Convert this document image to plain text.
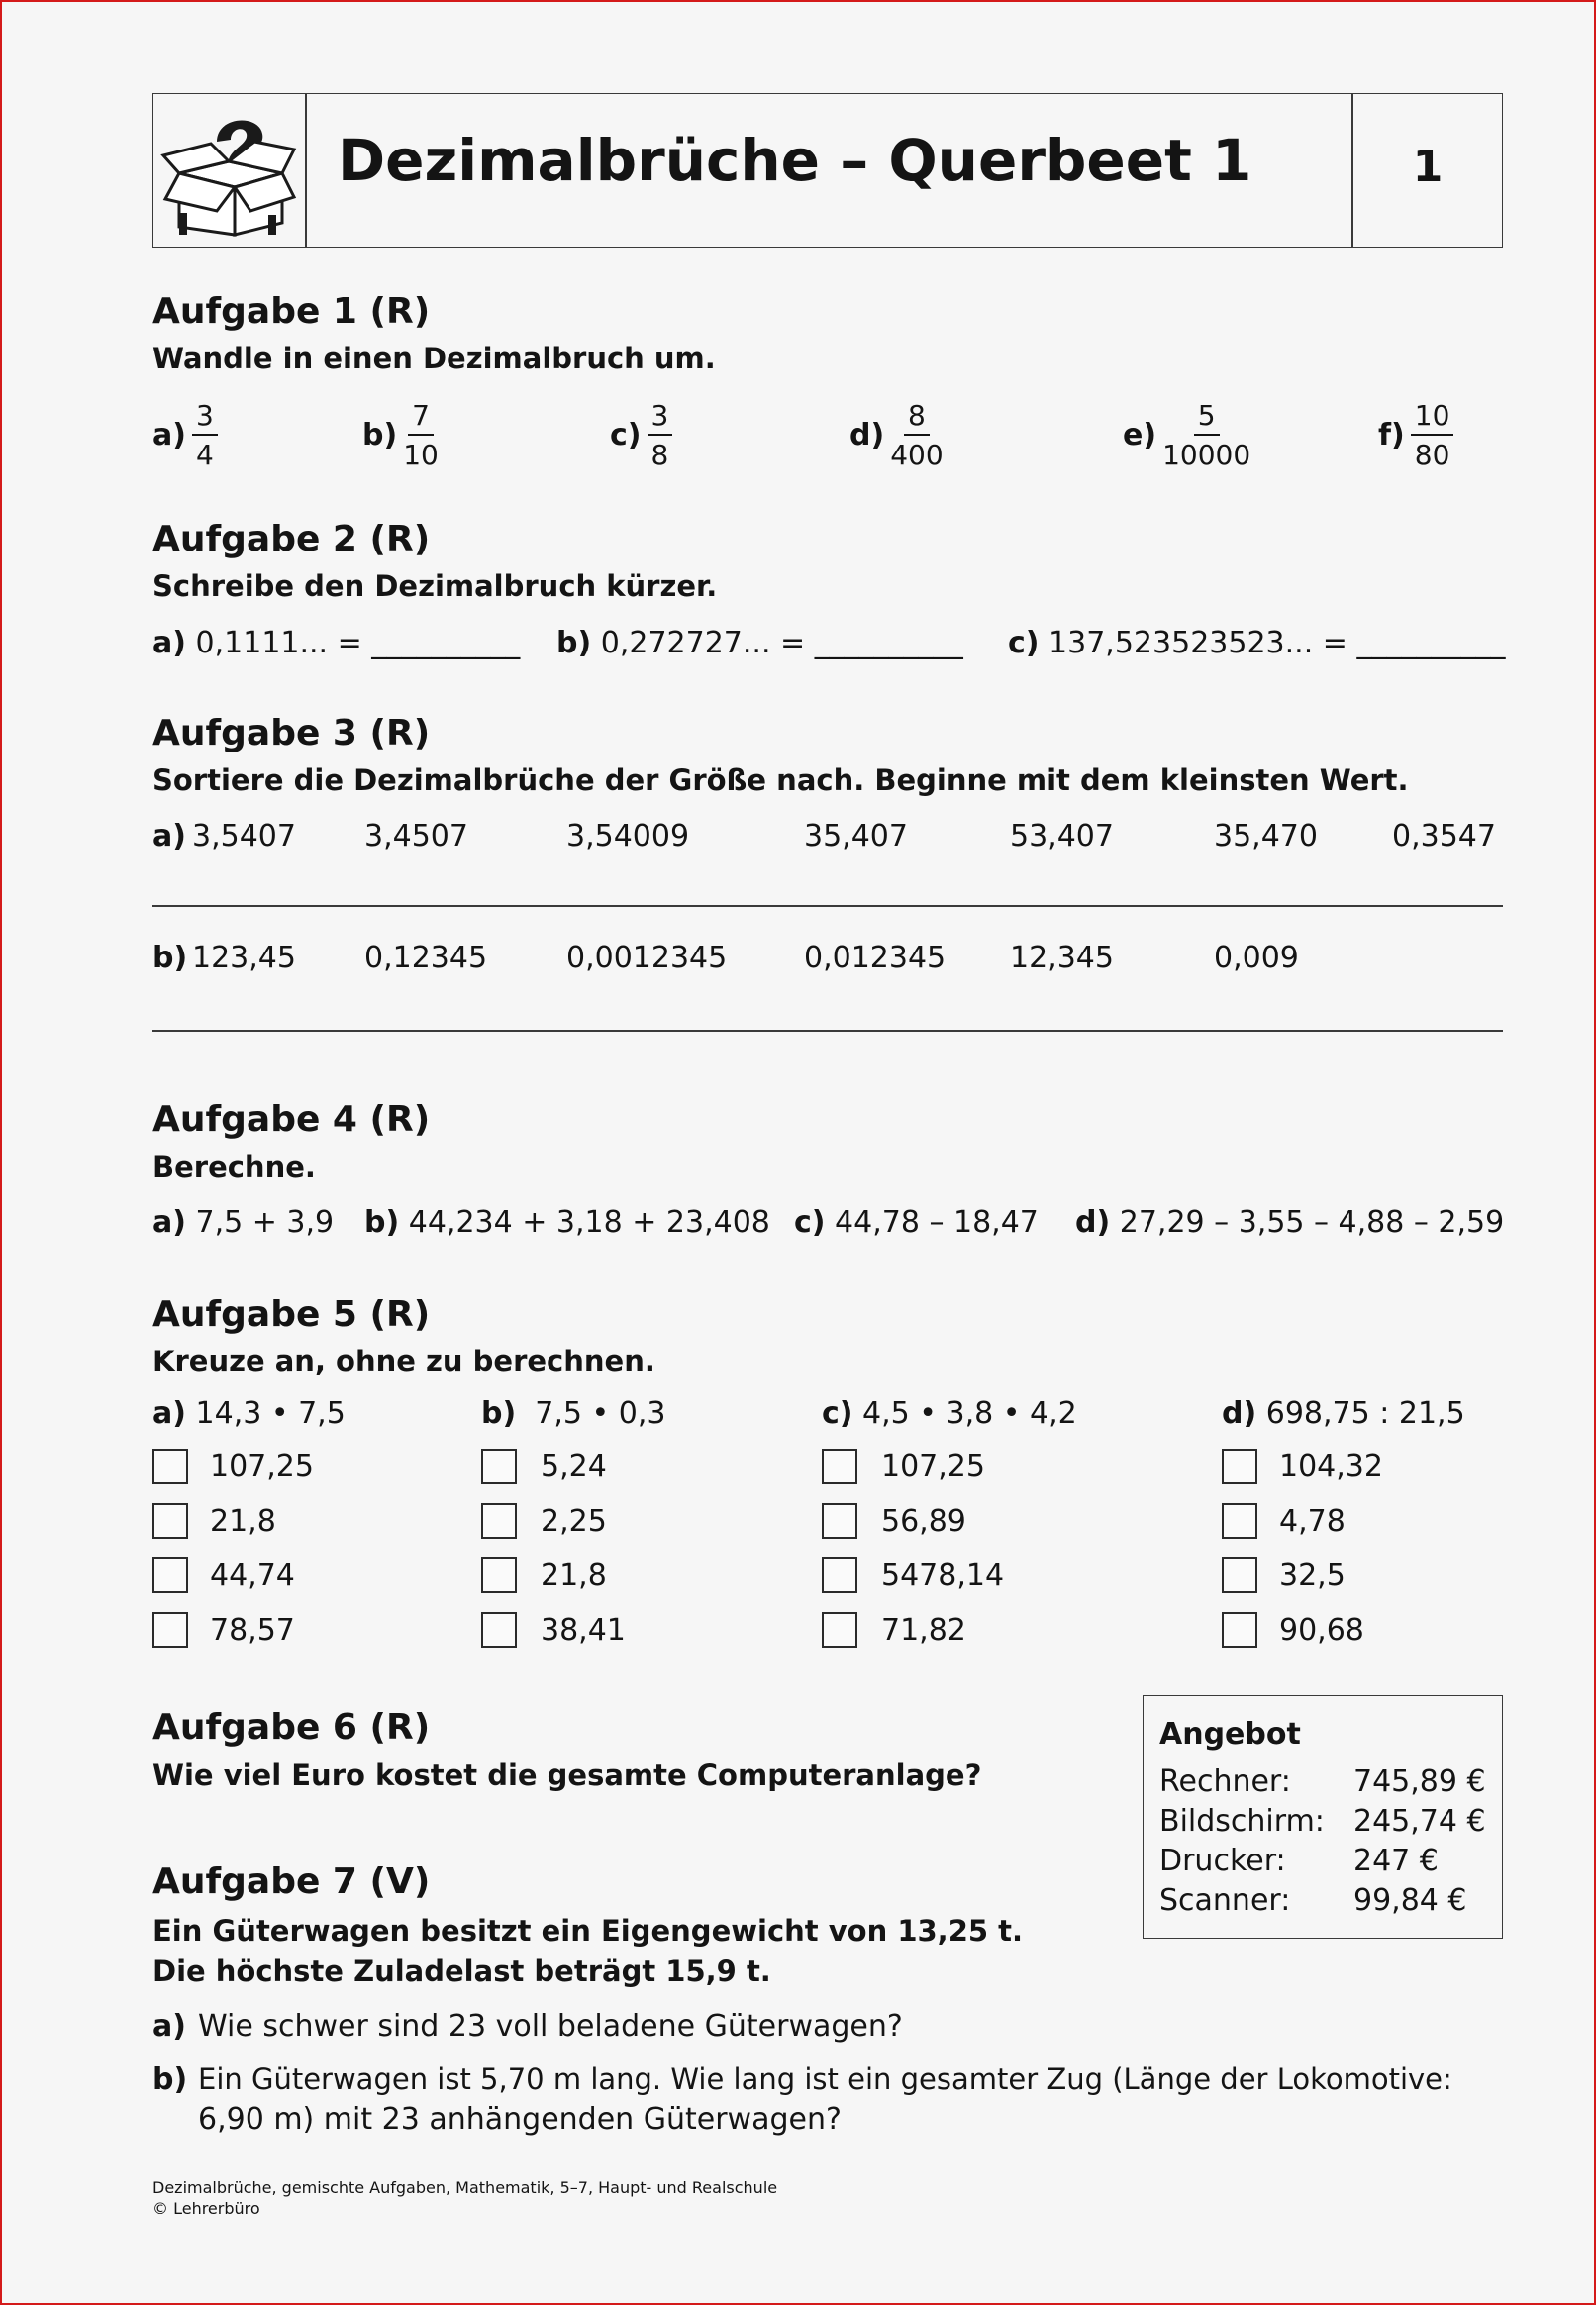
Dezimalbrüche – Querbeet 1	1
Aufgabe 1 (R)
Wandle in einen Dezimalbruch um.
$a) \frac{3}{4}$	$b) \frac{7}{10}$	$c) \frac{3}{8}$	$d) \frac{8}{400}$	$e) \frac{5}{10000}$	$f) \frac{10}{80}$
Aufgabe 2 (R)
Schreibe den Dezimalbruch kürzer.
a) 0,1111... = __________ b) 0,272727... = __________ c) 137,523523523... = __________
Aufgabe 3 (R)
Sortiere die Dezimalbrüche der Größe nach. Beginne mit dem kleinsten Wert.
a) 3,5407 3,4507	3,54009	35,407	53,407	35,470	0,3547
b) 123,45 0,12345	0,0012345	0,012345 12,345	0,009
Aufgabe 4 (R)
Berechne.
a) 7,5 + 3,9 b) 44,234 + 3,18 + 23,408 c) 44,78 – 18,47 d) 27,29 – 3,55 – 4,88 – 2,59
Aufgabe 5 (R)
Kreuze an, ohne zu berechnen.
a) 14,3 • 7,5
107,25
21,8
44,74
78,57
b)  7,5 • 0,3
5,24
2,25
21,8
38,41
c) 4,5 • 3,8 • 4,2
107,25
56,89
5478,14
71,82
d) 698,75 : 21,5
104,32
4,78
32,5
90,68
Aufgabe 6 (R)
Wie viel Euro kostet die gesamte Computeranlage?
Angebot
Rechner: 745,89 €
Bildschirm: 245,74 €
Drucker: 247 €
Scanner: 99,84 €
Aufgabe 7 (V)
Ein Güterwagen besitzt ein Eigengewicht von 13,25 t.
Die höchste Zuladelast beträgt 15,9 t.
a) Wie schwer sind 23 voll beladene Güterwagen?
b) Ein Güterwagen ist 5,70 m lang. Wie lang ist ein gesamter Zug (Länge der Lokomotive:
6,90 m) mit 23 anhängenden Güterwagen?
Dezimalbrüche, gemischte Aufgaben, Mathematik, 5–7, Haupt- und Realschule
© Lehrerbüro
